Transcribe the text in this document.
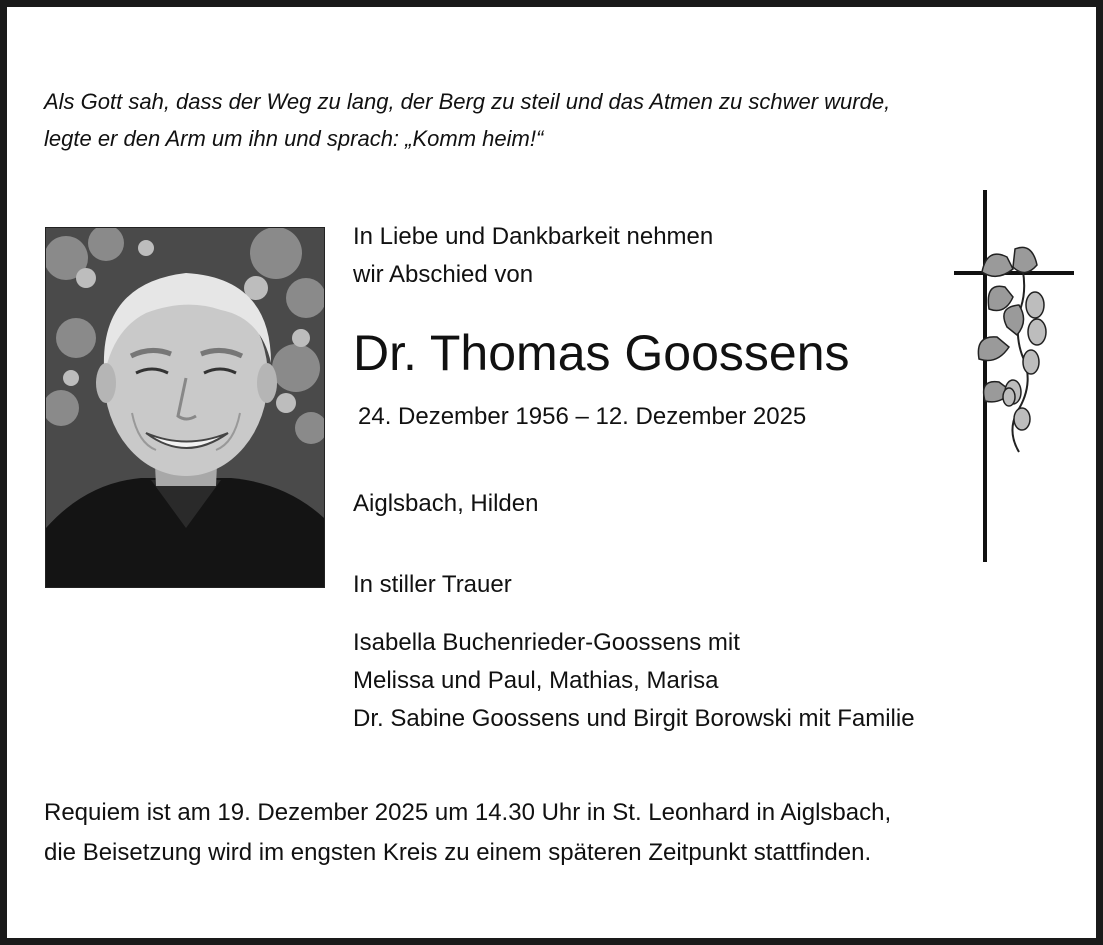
Als Gott sah, dass der Weg zu lang, der Berg zu steil und das Atmen zu schwer wurde,
legte er den Arm um ihn und sprach: „Komm heim!“
In Liebe und Dankbarkeit nehmen
wir Abschied von
Dr. Thomas Goossens
24. Dezember 1956 – 12. Dezember 2025
Aiglsbach, Hilden
In stiller Trauer
Isabella Buchenrieder-Goossens mit
Melissa und Paul, Mathias, Marisa
Dr. Sabine Goossens und Birgit Borowski mit Familie
Requiem ist am 19. Dezember 2025 um 14.30 Uhr in St. Leonhard in Aiglsbach,
die Beisetzung wird im engsten Kreis zu einem späteren Zeitpunkt stattfinden.
